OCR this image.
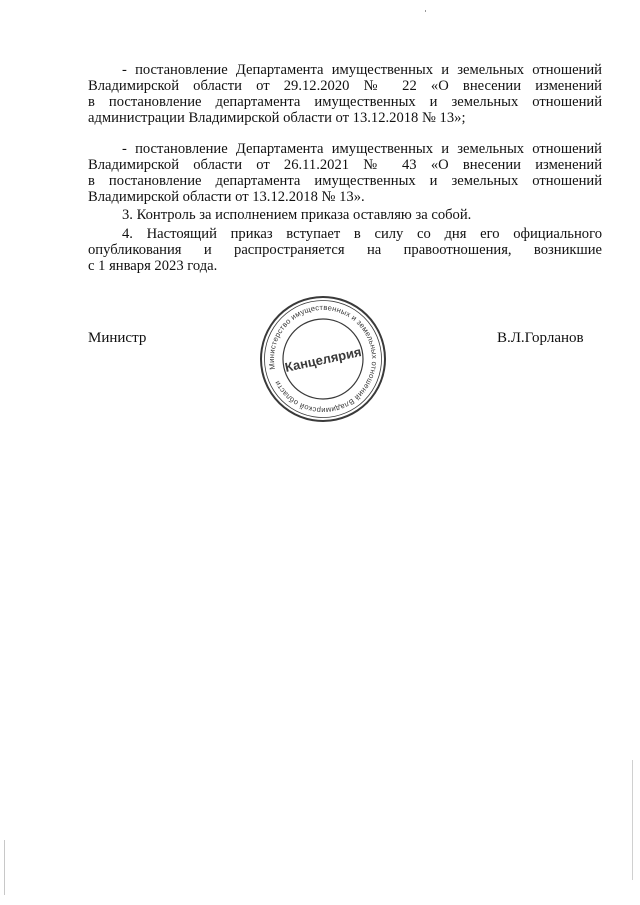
- постановление Департамента имущественных и земельных отношений
Владимирской области от 29.12.2020 № 22 «О внесении изменений
в постановление департамента имущественных и земельных отношений
администрации Владимирской области от 13.12.2018 № 13»;
- постановление Департамента имущественных и земельных отношений
Владимирской области от 26.11.2021 № 43 «О внесении изменений
в постановление департамента имущественных и земельных отношений
Владимирской области от 13.12.2018 № 13».
3. Контроль за исполнением приказа оставляю за собой.
4. Настоящий приказ вступает в силу со дня его официального
опубликования и распространяется на правоотношения, возникшие
с 1 января 2023 года.
Министр	В.Л.Горланов
Министерство имущественных и земельных отношений Владимирской области
Канцелярия
